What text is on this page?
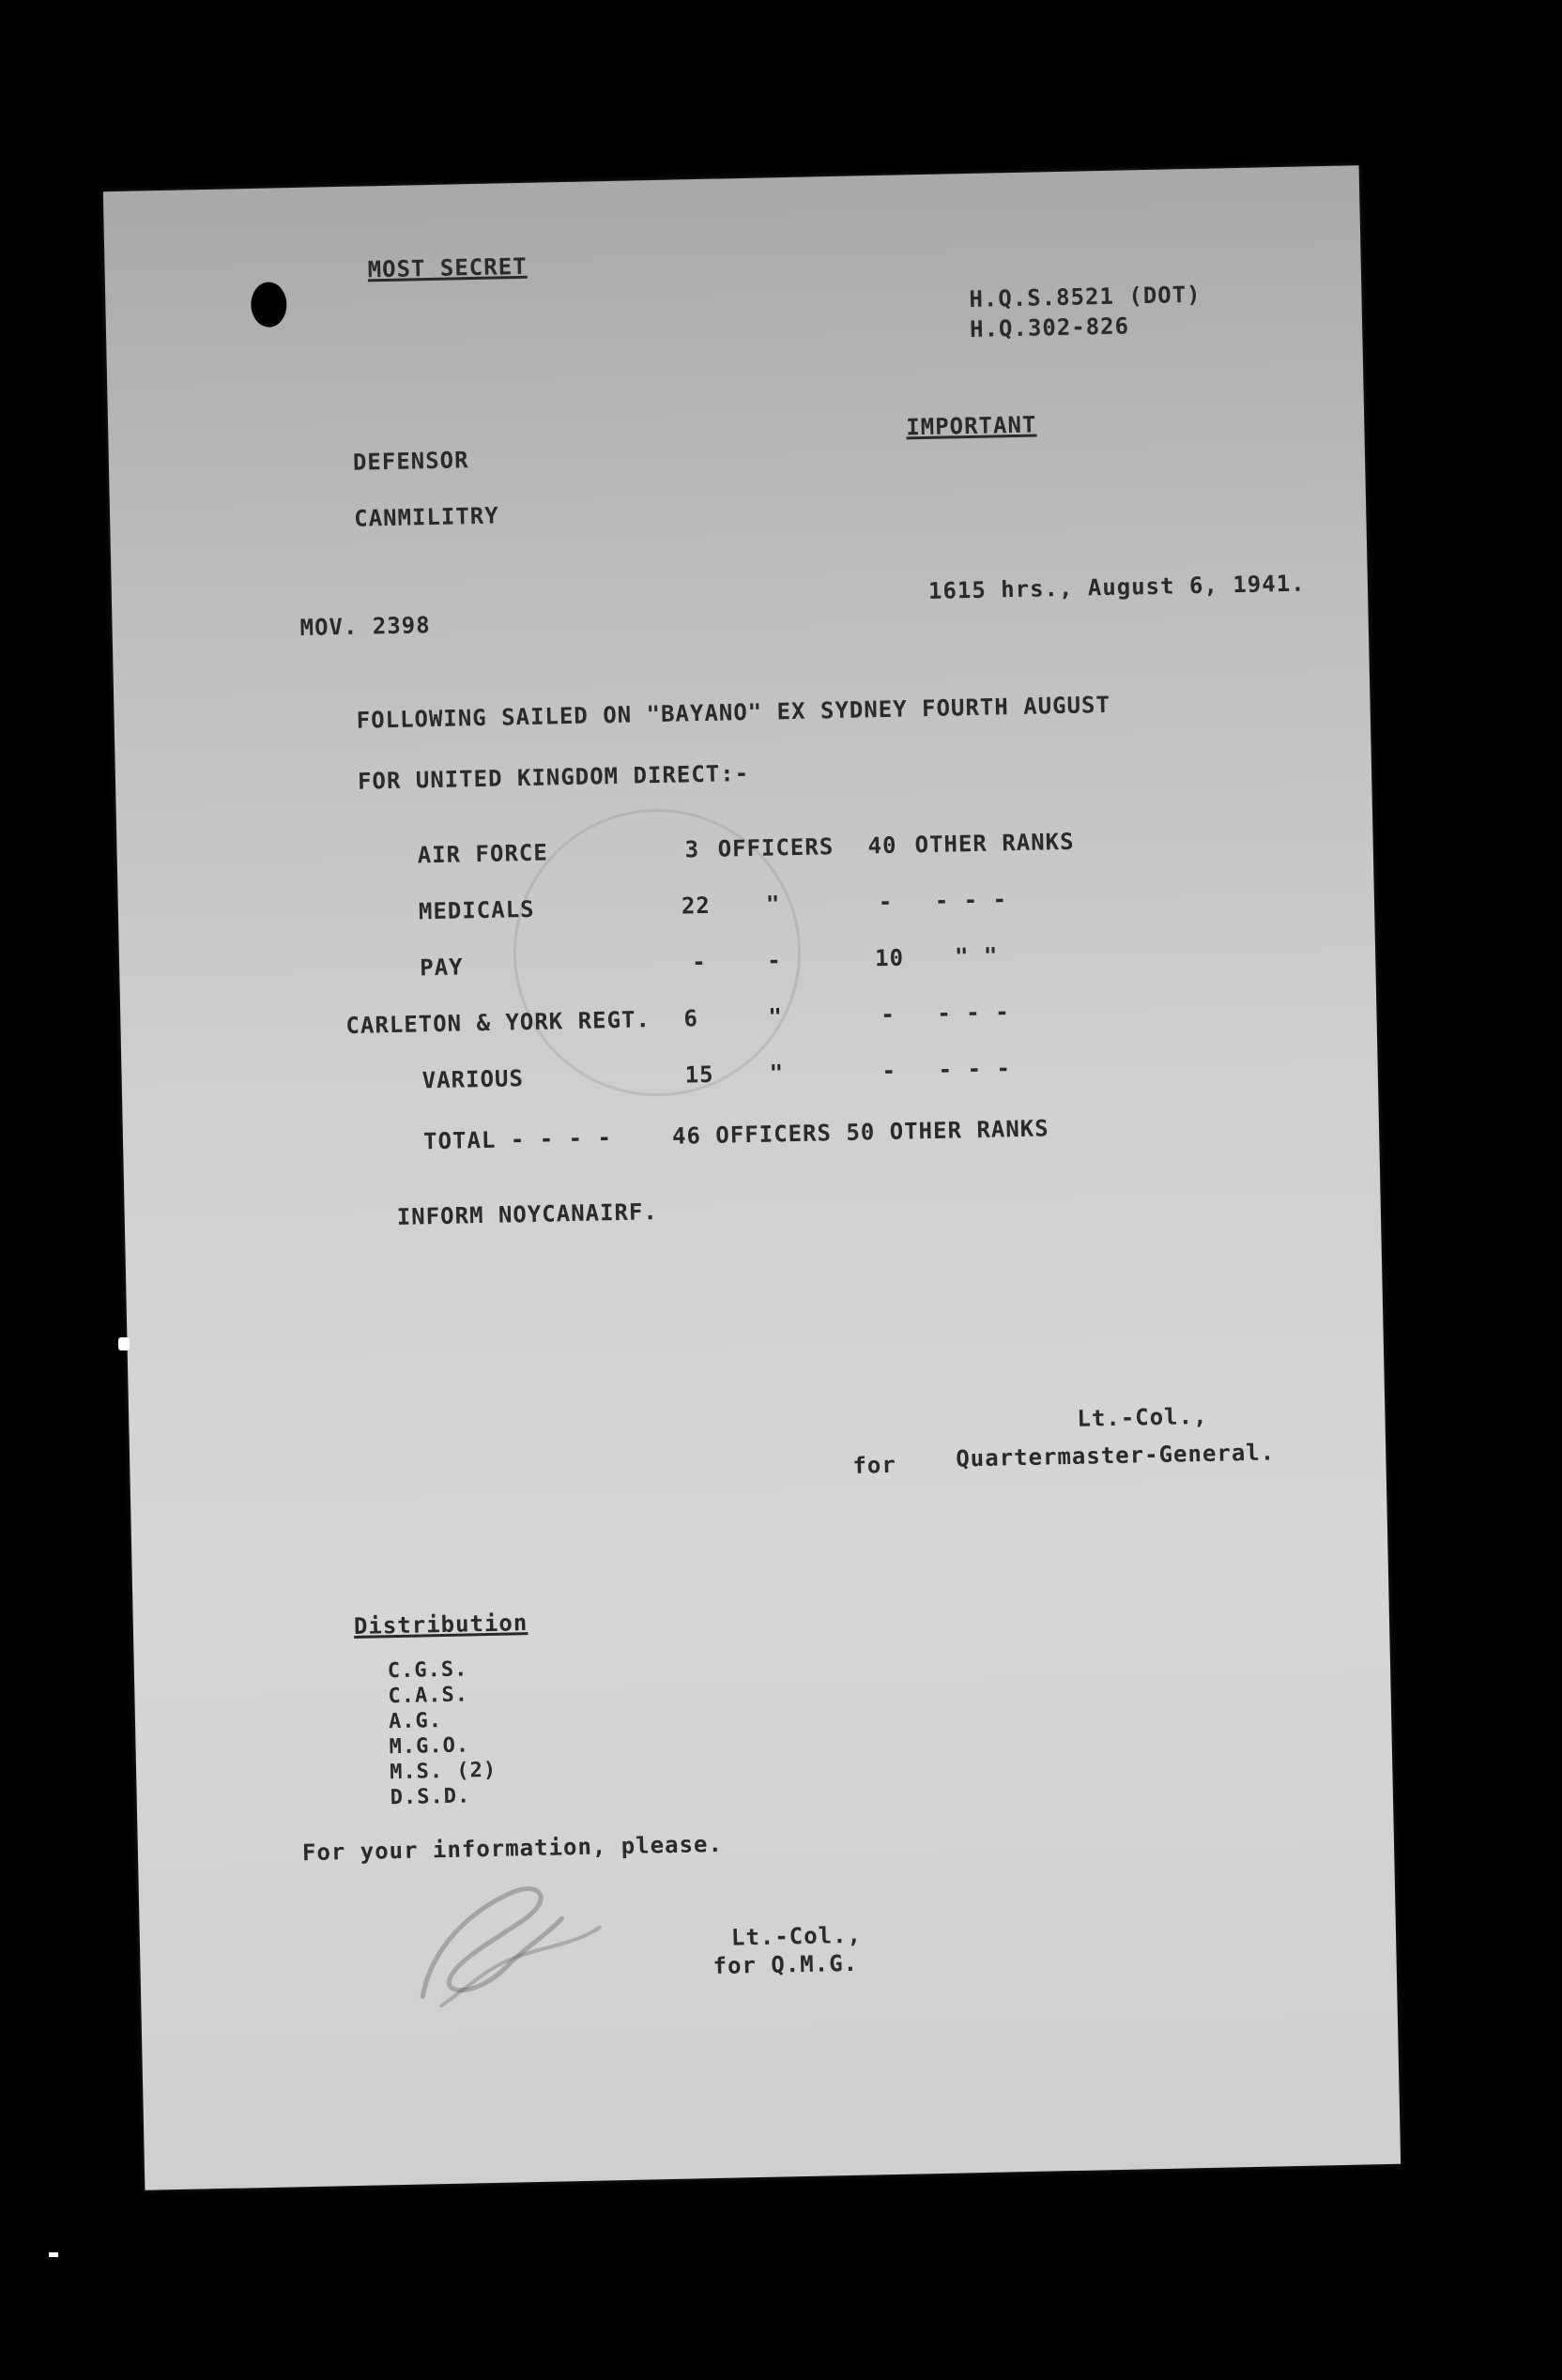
MOST SECRET
H.Q.S.8521 (DOT)
H.Q.302-826
IMPORTANT
DEFENSOR
CANMILITRY
MOV. 2398
1615 hrs., August 6, 1941.
FOLLOWING SAILED ON "BAYANO" EX SYDNEY FOURTH AUGUST
FOR UNITED KINGDOM DIRECT:-
AIR FORCE	3 OFFICERS 40 OTHER RANKS
MEDICALS	22 "	- - - -
PAY	-	-	10 " "
CARLETON & YORK REGT. 6	"	- - - -
VARIOUS	15 "	- - - -
TOTAL - - - -	46 OFFICERS 50 OTHER RANKS
INFORM NOYCANAIRF.
Lt.-Col.,
for	Quartermaster-General.
Distribution
C.G.S.
C.A.S.
A.G.
M.G.O.
M.S. (2)
D.S.D.
For your information, please.
Lt.-Col.,
for Q.M.G.
